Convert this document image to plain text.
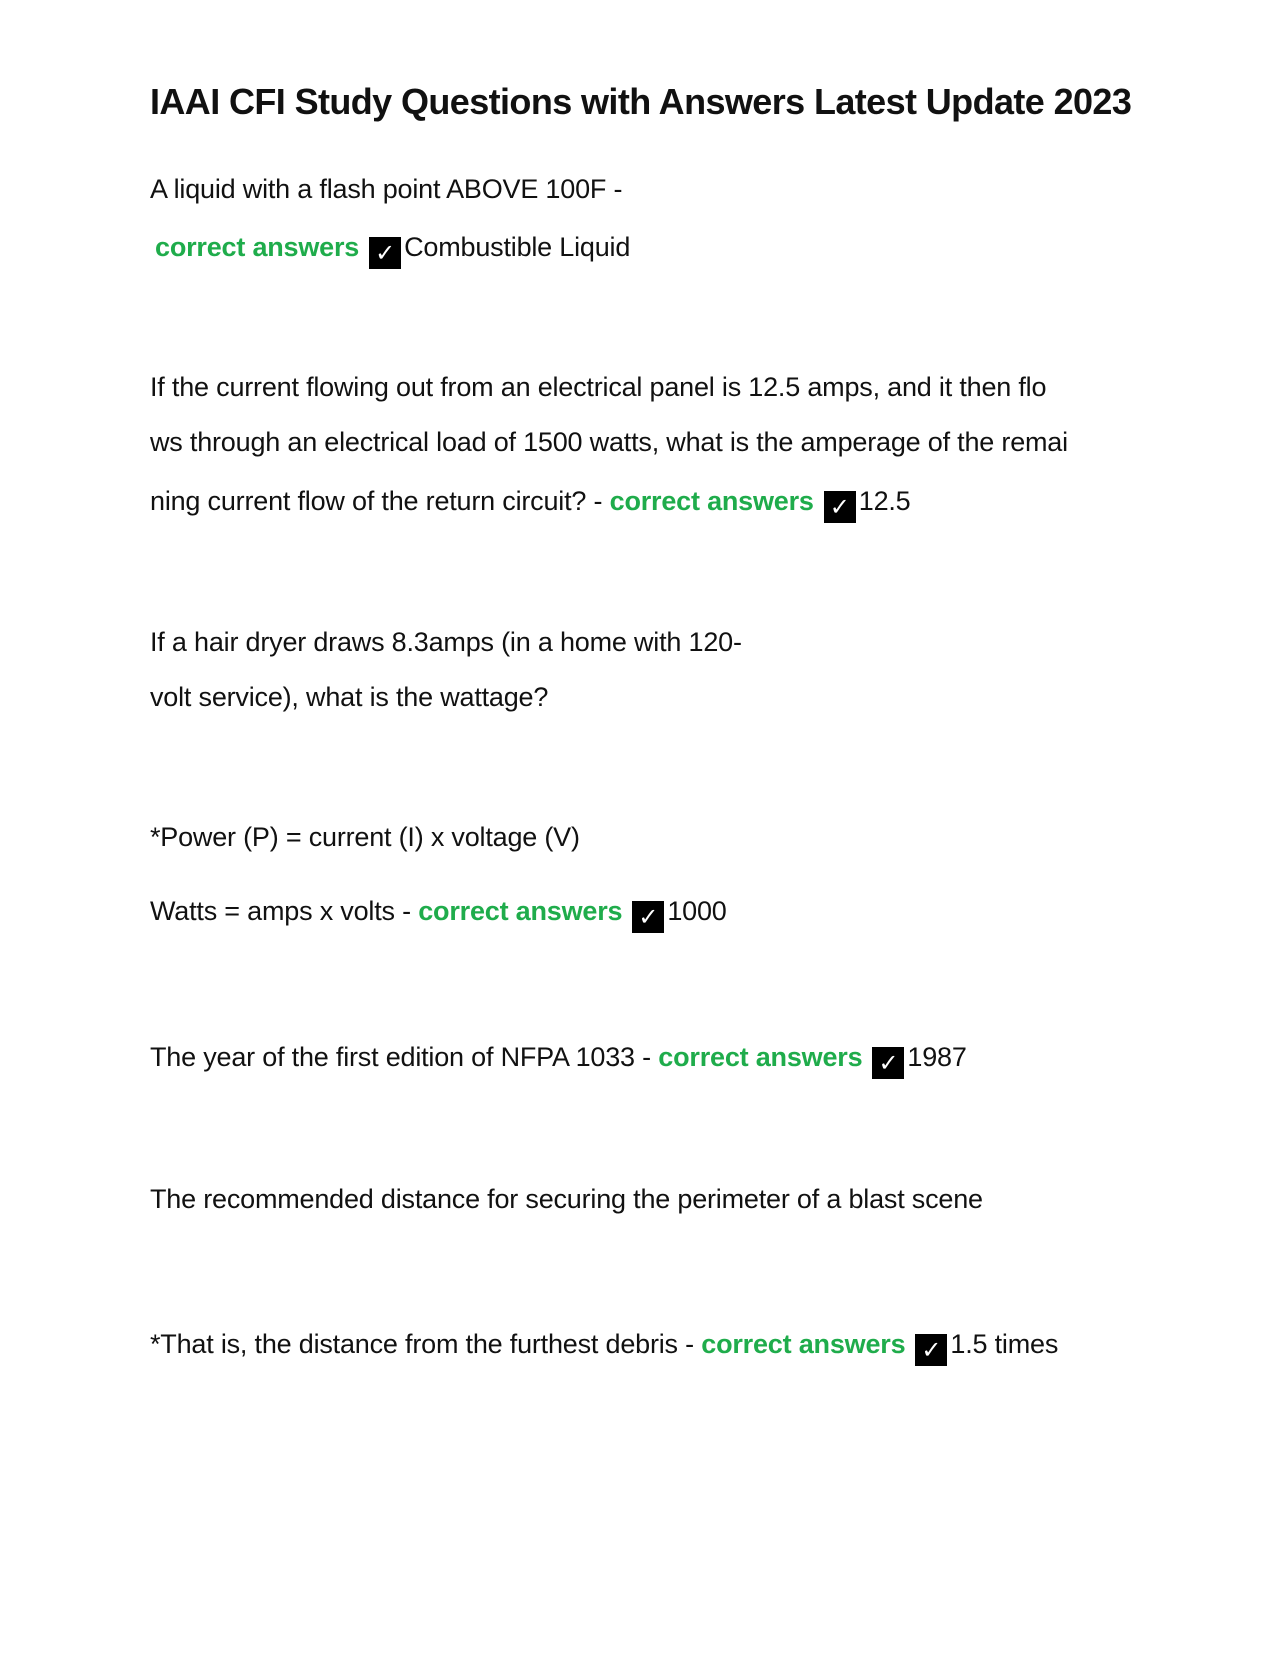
IAAI CFI Study Questions with Answers Latest Update 2023
A liquid with a flash point ABOVE 100F -
correct answers ✓ Combustible Liquid
If the current flowing out from an electrical panel is 12.5 amps, and it then flo
ws through an electrical load of 1500 watts, what is the amperage of the remai
ning current flow of the return circuit? - correct answers ✓ 12.5
If a hair dryer draws 8.3amps (in a home with 120-
volt service), what is the wattage?
*Power (P) = current (I) x voltage (V)
Watts = amps x volts - correct answers ✓ 1000
The year of the first edition of NFPA 1033 - correct answers ✓ 1987
The recommended distance for securing the perimeter of a blast scene
*That is, the distance from the furthest debris - correct answers ✓ 1.5 times
